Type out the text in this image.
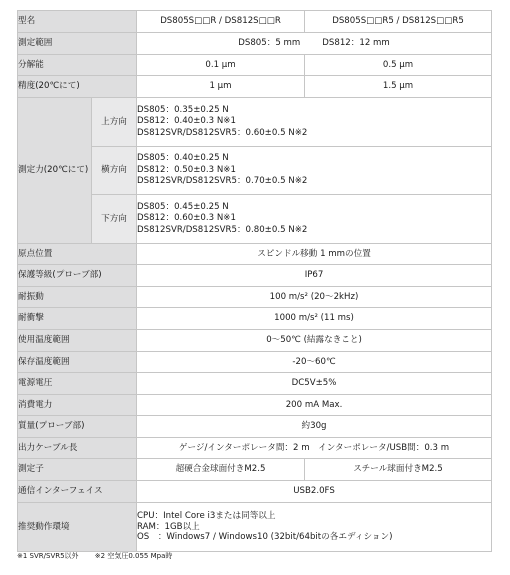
型名		DS805S□□R / DS812S□□R	DS805S□□R5 / DS812S□□R5
測定範囲		DS805：5 mm DS812：12 mm	
分解能		0.1 µm	0.5 µm
精度(20℃にて)		1 µm	1.5 µm
測定力(20℃にて)	上方向	DS805：0.35±0.25 N
DS812：0.40±0.3 N※1
DS812SVR/DS812SVR5：0.60±0.5 N※2	

	横方向	DS805：0.40±0.25 N
DS812：0.50±0.3 N※1
DS812SVR/DS812SVR5：0.70±0.5 N※2	

	下方向	DS805：0.45±0.25 N
DS812：0.60±0.3 N※1
DS812SVR/DS812SVR5：0.80±0.5 N※2	

原点位置		スピンドル移動 1 mmの位置	
保護等級(プローブ部)		IP67	
耐振動		100 m/s² (20～2kHz)	
耐衝撃		1000 m/s² (11 ms)	
使用温度範囲		0～50℃ (結露なきこと)	
保存温度範囲		-20～60℃	
電源電圧		DC5V±5%	
消費電力		200 mA Max.	
質量(プローブ部)		約30g	
出力ケーブル長		ゲージ/インターポレータ間：2 m　インターポレータ/USB間：0.3 m	
測定子		超硬合金球面付きM2.5	スチール球面付きM2.5
通信インターフェイス		USB2.0FS	
推奨動作環境		CPU：Intel Core i3または同等以上
RAM：1GB以上
OS　：Windows7 / Windows10 (32bit/64bitの各エディション)	
※1 SVR/SVR5以外 ※2 空気圧0.055 Mpa時
